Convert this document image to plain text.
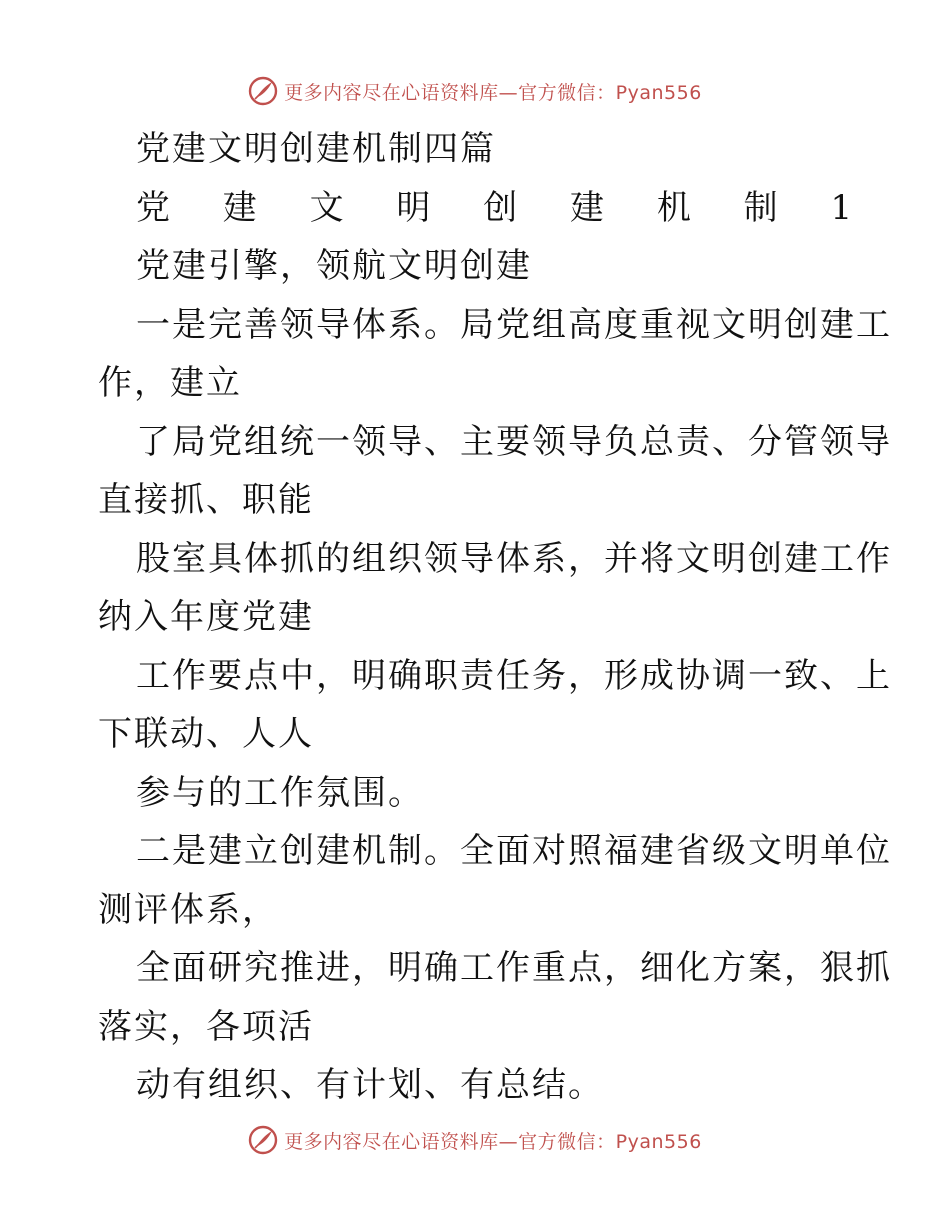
更多内容尽在心语资料库—官方微信：Pyan556
党建文明创建机制四篇
党 建 文 明 创 建 机 制 1
党建引擎，领航文明创建
一是完善领导体系。局党组高度重视文明创建工
作，建立
了局党组统一领导、主要领导负总责、分管领导
直接抓、职能
股室具体抓的组织领导体系，并将文明创建工作
纳入年度党建
工作要点中，明确职责任务，形成协调一致、上
下联动、人人
参与的工作氛围。
二是建立创建机制。全面对照福建省级文明单位
测评体系，
全面研究推进，明确工作重点，细化方案，狠抓
落实，各项活
动有组织、有计划、有总结。
更多内容尽在心语资料库—官方微信：Pyan556
